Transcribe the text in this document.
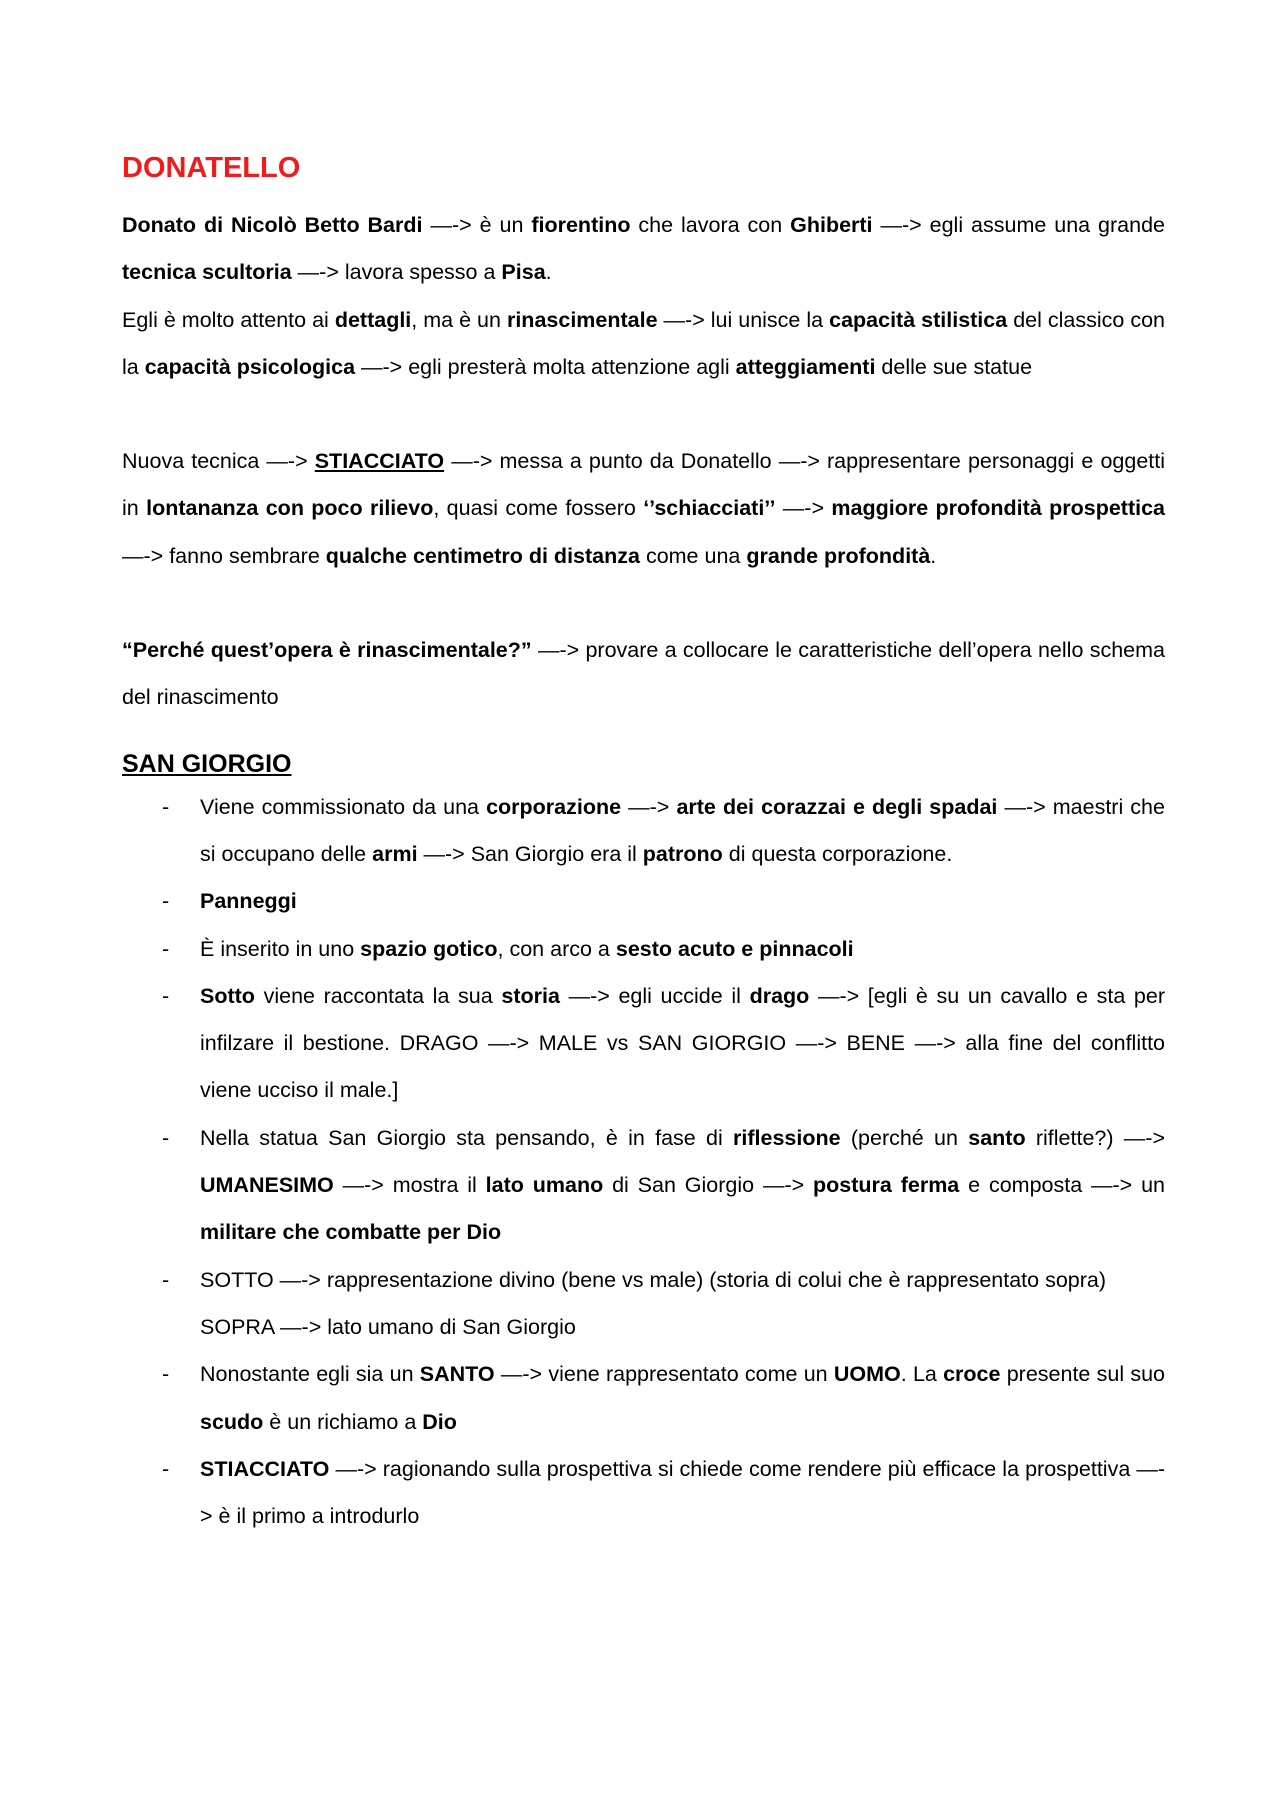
DONATELLO

Donato di Nicolò Betto Bardi —-> è un fiorentino che lavora con Ghiberti —-> egli assume una grande tecnica scultoria —-> lavora spesso a Pisa.

Egli è molto attento ai dettagli, ma è un rinascimentale —-> lui unisce la capacità stilistica del classico con la capacità psicologica —-> egli presterà molta attenzione agli atteggiamenti delle sue statue

Nuova tecnica —-> STIACCIATO —-> messa a punto da Donatello —-> rappresentare personaggi e oggetti in lontananza con poco rilievo, quasi come fossero ‘’schiacciati’’ —-> maggiore profondità prospettica —-> fanno sembrare qualche centimetro di distanza come una grande profondità.

“Perché quest’opera è rinascimentale?” —-> provare a collocare le caratteristiche dell’opera nello schema del rinascimento

SAN GIORGIO
- Viene commissionato da una corporazione —-> arte dei corazzai e degli spadai —-> maestri che si occupano delle armi —-> San Giorgio era il patrono di questa corporazione.
- Panneggi
- È inserito in uno spazio gotico, con arco a sesto acuto e pinnacoli
- Sotto viene raccontata la sua storia —-> egli uccide il drago —-> [egli è su un cavallo e sta per infilzare il bestione. DRAGO —-> MALE vs SAN GIORGIO —-> BENE —-> alla fine del conflitto viene ucciso il male.]
- Nella statua San Giorgio sta pensando, è in fase di riflessione (perché un santo riflette?) —-> UMANESIMO —-> mostra il lato umano di San Giorgio —-> postura ferma e composta —-> un militare che combatte per Dio
- SOTTO —-> rappresentazione divino (bene vs male) (storia di colui che è rappresentato sopra)
SOPRA —-> lato umano di San Giorgio
- Nonostante egli sia un SANTO —-> viene rappresentato come un UOMO. La croce presente sul suo scudo è un richiamo a Dio
- STIACCIATO —-> ragionando sulla prospettiva si chiede come rendere più efficace la prospettiva —-> è il primo a introdurlo
